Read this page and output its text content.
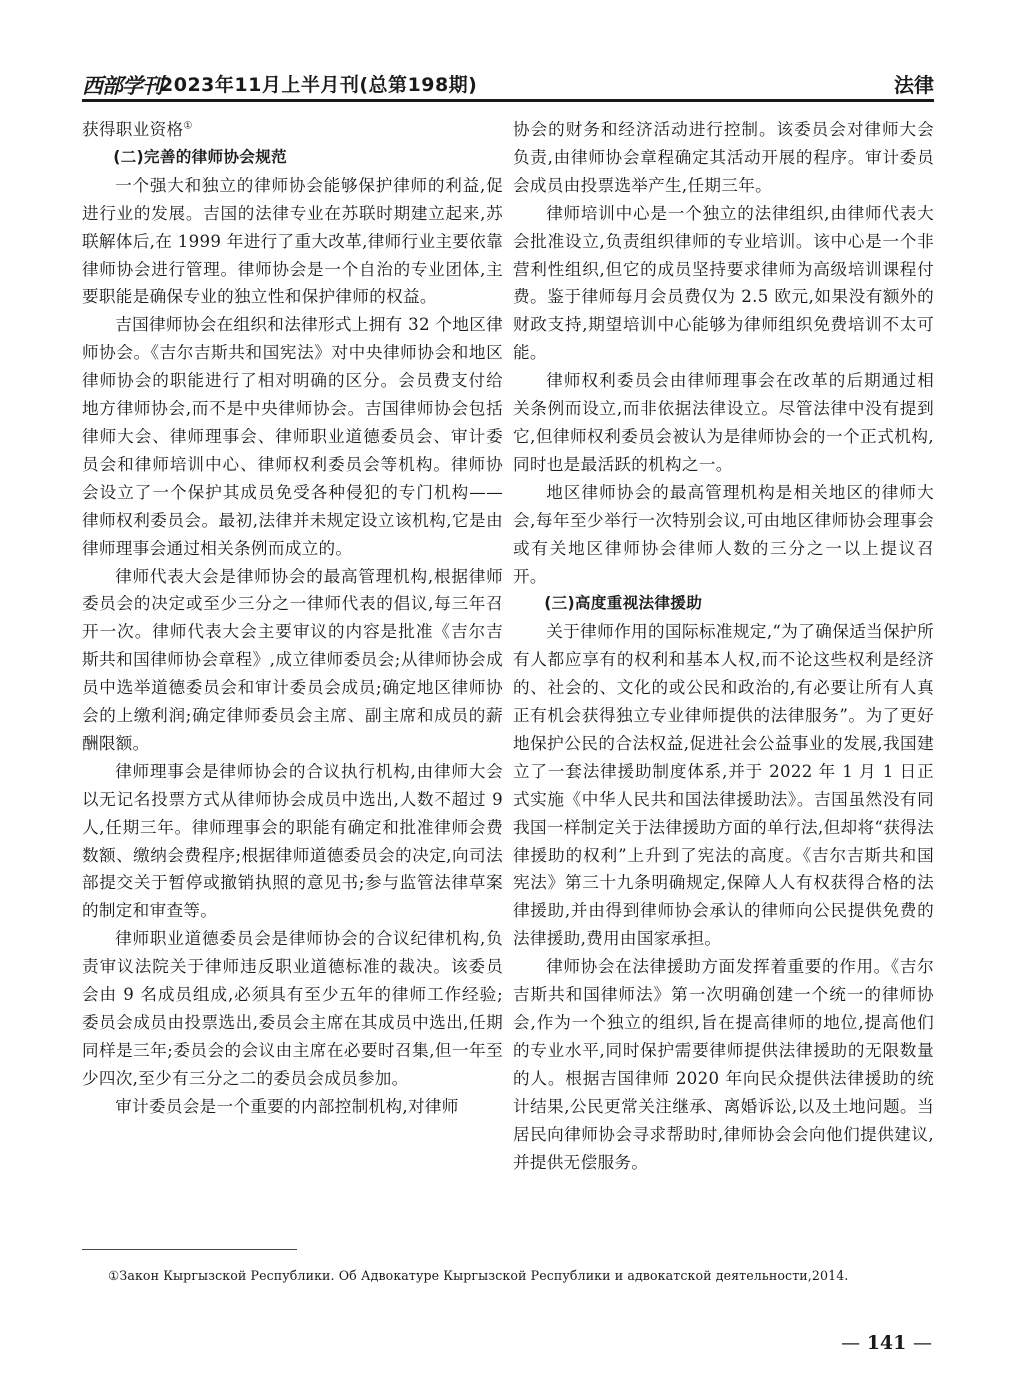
西部学刊
2023年11月上半月刊(总第198期)	法律

获得职业资格①

(二)完善的律师协会规范

一个强大和独立的律师协会能够保护律师的利益,促进行业的发展。吉国的法律专业在苏联时期建立起来,苏联解体后,在 1999 年进行了重大改革,律师行业主要依靠律师协会进行管理。律师协会是一个自治的专业团体,主要职能是确保专业的独立性和保护律师的权益。

吉国律师协会在组织和法律形式上拥有 32 个地区律师协会。《吉尔吉斯共和国宪法》对中央律师协会和地区律师协会的职能进行了相对明确的区分。会员费支付给地方律师协会,而不是中央律师协会。吉国律师协会包括律师大会、律师理事会、律师职业道德委员会、审计委员会和律师培训中心、律师权利委员会等机构。律师协会设立了一个保护其成员免受各种侵犯的专门机构——律师权利委员会。最初,法律并未规定设立该机构,它是由律师理事会通过相关条例而成立的。

律师代表大会是律师协会的最高管理机构,根据律师委员会的决定或至少三分之一律师代表的倡议,每三年召开一次。律师代表大会主要审议的内容是批准《吉尔吉斯共和国律师协会章程》,成立律师委员会;从律师协会成员中选举道德委员会和审计委员会成员;确定地区律师协会的上缴利润;确定律师委员会主席、副主席和成员的薪酬限额。

律师理事会是律师协会的合议执行机构,由律师大会以无记名投票方式从律师协会成员中选出,人数不超过 9 人,任期三年。律师理事会的职能有确定和批准律师会费数额、缴纳会费程序;根据律师道德委员会的决定,向司法部提交关于暂停或撤销执照的意见书;参与监管法律草案的制定和审查等。

律师职业道德委员会是律师协会的合议纪律机构,负责审议法院关于律师违反职业道德标准的裁决。该委员会由 9 名成员组成,必须具有至少五年的律师工作经验;委员会成员由投票选出,委员会主席在其成员中选出,任期同样是三年;委员会的会议由主席在必要时召集,但一年至少四次,至少有三分之二的委员会成员参加。

审计委员会是一个重要的内部控制机构,对律师

协会的财务和经济活动进行控制。该委员会对律师大会负责,由律师协会章程确定其活动开展的程序。审计委员会成员由投票选举产生,任期三年。

律师培训中心是一个独立的法律组织,由律师代表大会批准设立,负责组织律师的专业培训。该中心是一个非营利性组织,但它的成员坚持要求律师为高级培训课程付费。鉴于律师每月会员费仅为 2.5 欧元,如果没有额外的财政支持,期望培训中心能够为律师组织免费培训不太可能。

律师权利委员会由律师理事会在改革的后期通过相关条例而设立,而非依据法律设立。尽管法律中没有提到它,但律师权利委员会被认为是律师协会的一个正式机构,同时也是最活跃的机构之一。

地区律师协会的最高管理机构是相关地区的律师大会,每年至少举行一次特别会议,可由地区律师协会理事会或有关地区律师协会律师人数的三分之一以上提议召开。

(三)高度重视法律援助

关于律师作用的国际标准规定,“为了确保适当保护所有人都应享有的权利和基本人权,而不论这些权利是经济的、社会的、文化的或公民和政治的,有必要让所有人真正有机会获得独立专业律师提供的法律服务”。为了更好地保护公民的合法权益,促进社会公益事业的发展,我国建立了一套法律援助制度体系,并于 2022 年 1 月 1 日正式实施《中华人民共和国法律援助法》。吉国虽然没有同我国一样制定关于法律援助方面的单行法,但却将“获得法律援助的权利”上升到了宪法的高度。《吉尔吉斯共和国宪法》第三十九条明确规定,保障人人有权获得合格的法律援助,并由得到律师协会承认的律师向公民提供免费的法律援助,费用由国家承担。

律师协会在法律援助方面发挥着重要的作用。《吉尔吉斯共和国律师法》第一次明确创建一个统一的律师协会,作为一个独立的组织,旨在提高律师的地位,提高他们的专业水平,同时保护需要律师提供法律援助的无限数量的人。根据吉国律师 2020 年向民众提供法律援助的统计结果,公民更常关注继承、离婚诉讼,以及土地问题。当居民向律师协会寻求帮助时,律师协会会向他们提供建议,并提供无偿服务。

①Закон Кыргызской Республики. Об Адвокатуре Кыргызской Республики и адвокатской деятельности,2014.
— 141 —
